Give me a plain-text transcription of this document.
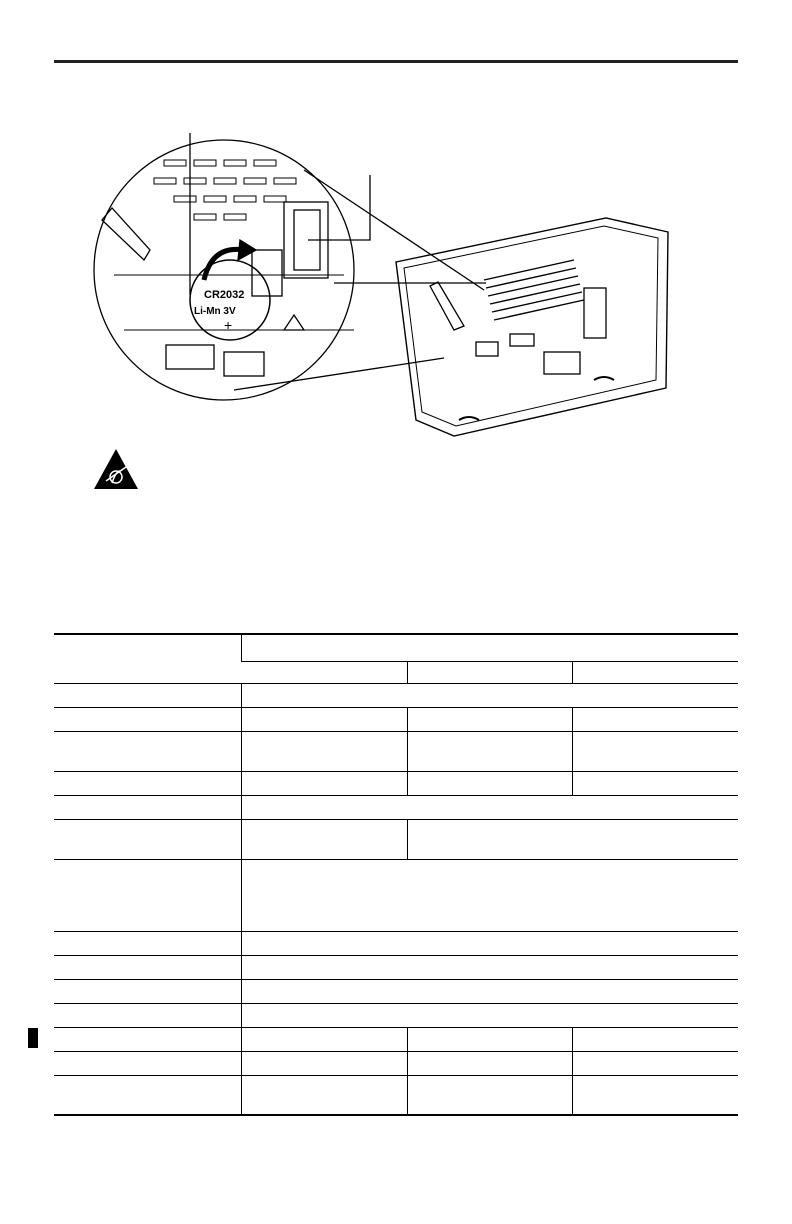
CR2032
Li-Mn 3V
+
